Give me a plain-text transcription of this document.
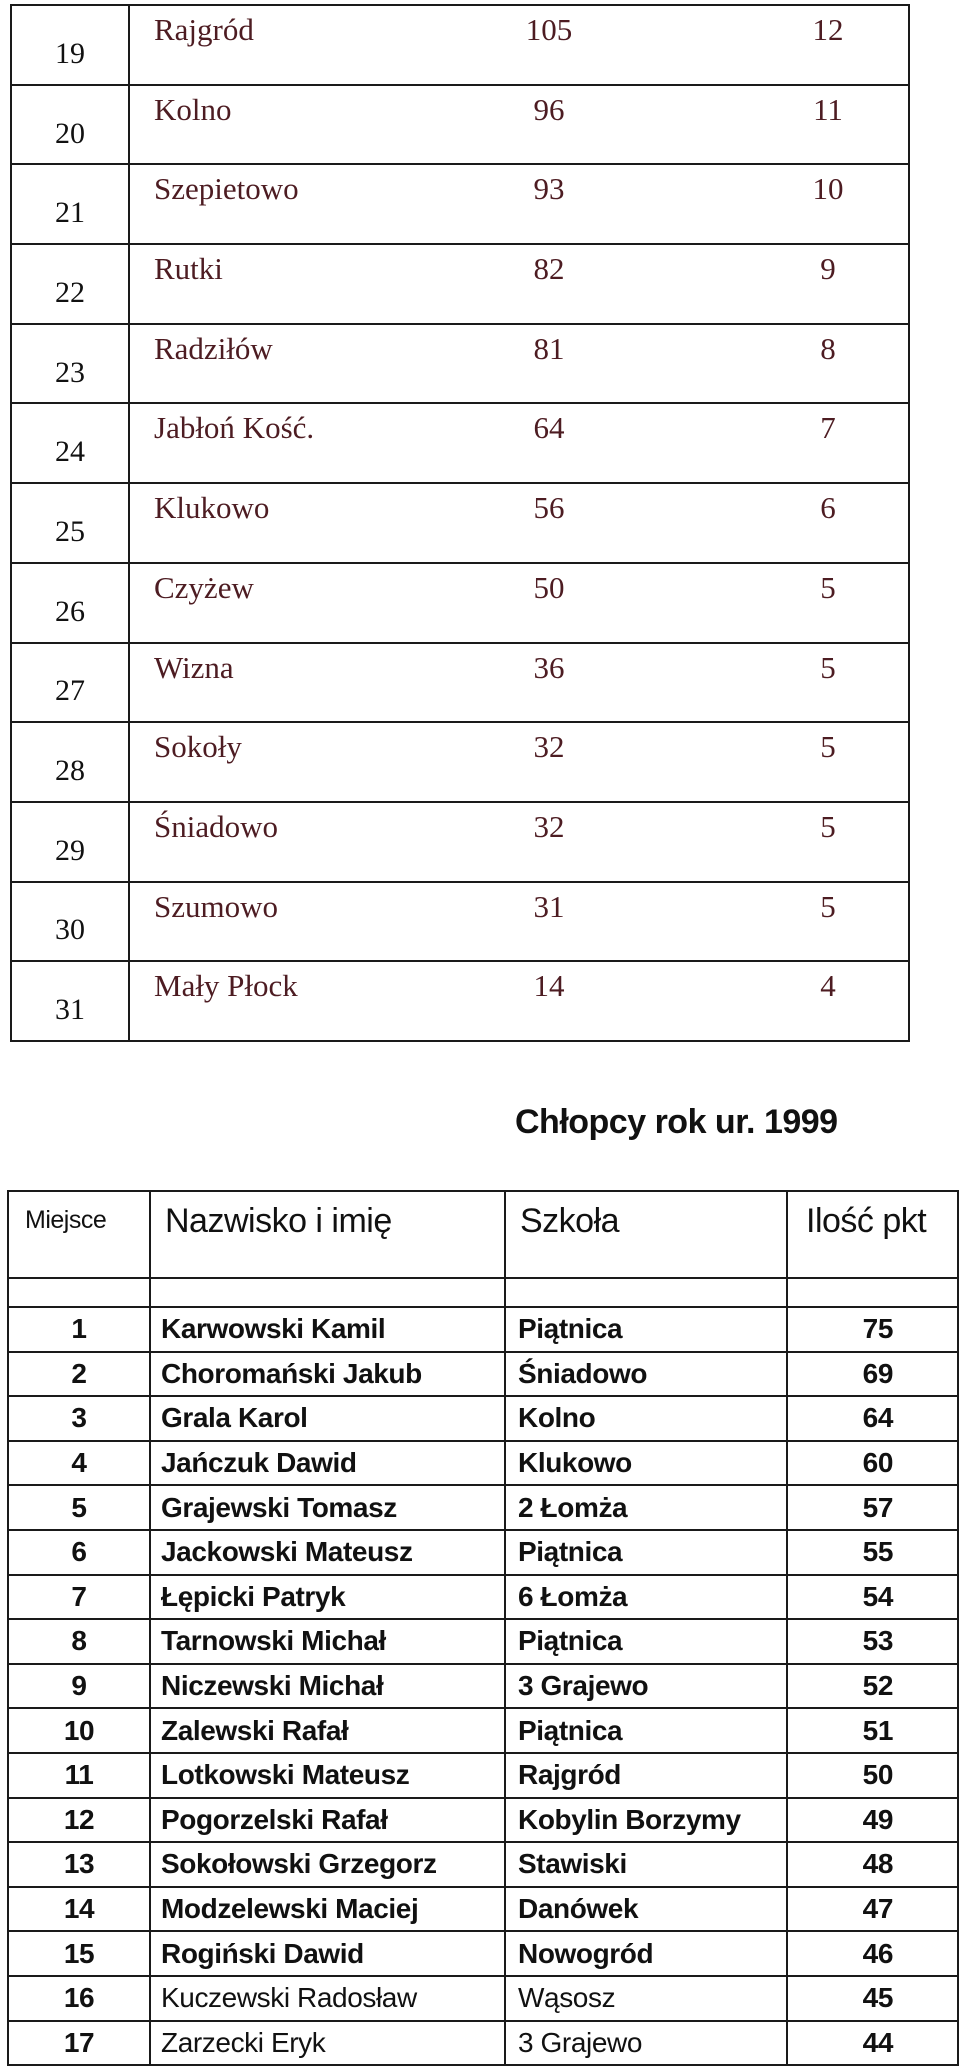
19	Rajgród 105 12

20	Kolno 96 11

21	Szepietowo 93 10

22	Rutki 82 9

23	Radziłów 81 8

24	Jabłoń Kość. 64 7

25	Klukowo 56 6

26	Czyżew 50 5

27	Wizna 36 5

28	Sokoły 32 5

29	Śniadowo 32 5

30	Szumowo 31 5

31	Mały Płock 14 4
Chłopcy rok ur. 1999
Miejsce	Nazwisko i imię	Szkoła	Ilość pkt

1	Karwowski Kamil	Piątnica	75
2	Choromański Jakub	Śniadowo	69
3	Grala Karol	Kolno	64
4	Jańczuk Dawid	Klukowo	60
5	Grajewski Tomasz	2 Łomża	57
6	Jackowski Mateusz	Piątnica	55
7	Łępicki Patryk	6 Łomża	54
8	Tarnowski Michał	Piątnica	53
9	Niczewski Michał	3 Grajewo	52
10	Zalewski Rafał	Piątnica	51
11	Lotkowski Mateusz	Rajgród	50
12	Pogorzelski Rafał	Kobylin Borzymy	49
13	Sokołowski Grzegorz	Stawiski	48
14	Modzelewski Maciej	Danówek	47
15	Rogiński Dawid	Nowogród	46
16	Kuczewski Radosław	Wąsosz	45
17	Zarzecki Eryk	3 Grajewo	44
